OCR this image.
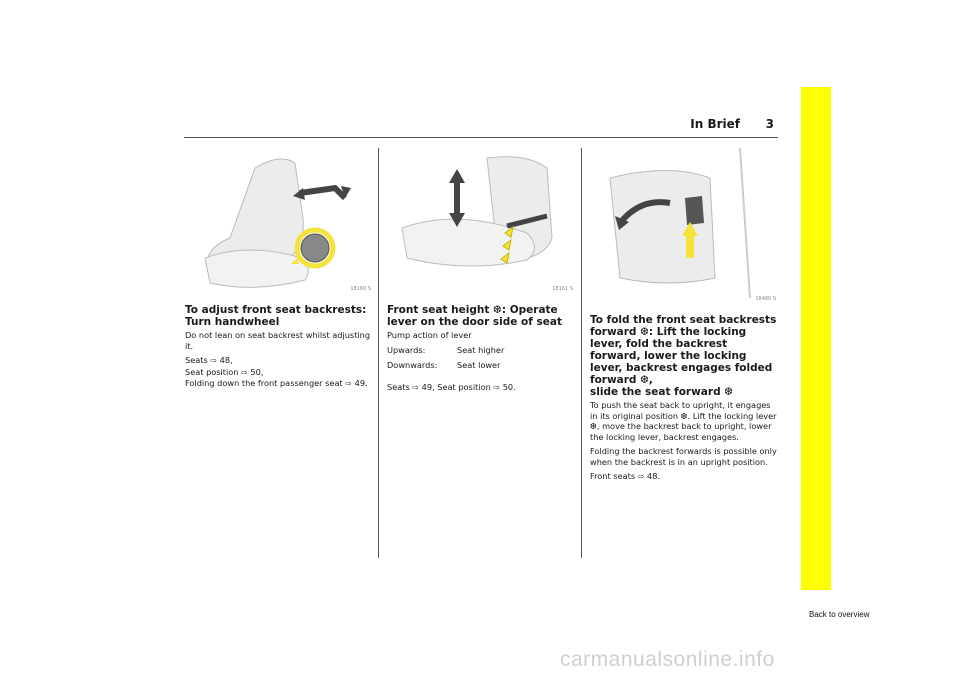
In Brief 3
18160 S
To adjust front seat backrests: Turn handwheel
Do not lean on seat backrest whilst adjusting it.
Seats ⇨ 48,
Seat position ⇨ 50,
Folding down the front passenger seat ⇨ 49.
18161 S
Front seat height ❆: Operate lever on the door side of seat
Pump action of lever
Upwards:	Seat higher
Downwards:	Seat lower
Seats ⇨ 49, Seat position ⇨ 50.
18480 S
To fold the front seat backrests forward ❆: Lift the locking lever, fold the backrest forward, lower the locking lever, backrest engages folded forward ❆,
slide the seat forward ❆
To push the seat back to upright, it engages in its original position ❆. Lift the locking lever ❆, move the backrest back to upright, lower the locking lever, backrest engages.
Folding the backrest forwards is possible only when the backrest is in an upright position.
Front seats ⇨ 48.
Back to overview
carmanualsonline.info
